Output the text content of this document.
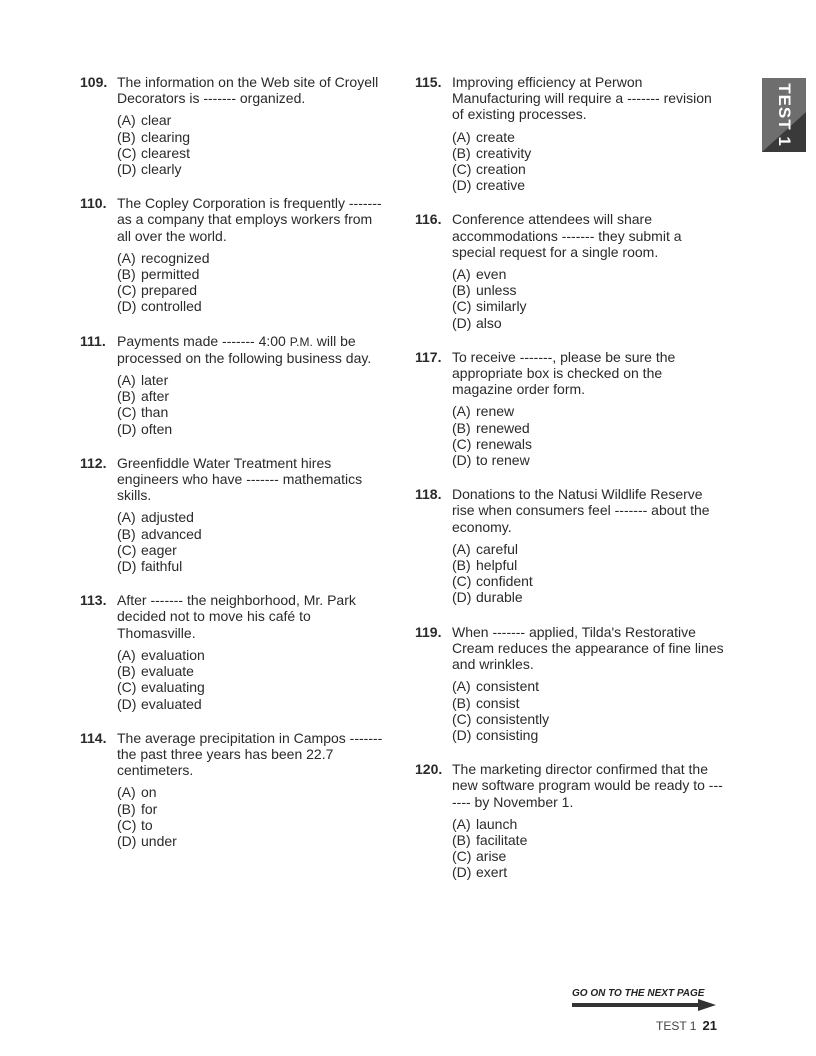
TEST 1
109. The information on the Web site of Croyell Decorators is ------- organized.

(A) clear
(B) clearing
(C) clearest
(D) clearly
110. The Copley Corporation is frequently ------- as a company that employs workers from all over the world.

(A) recognized
(B) permitted
(C) prepared
(D) controlled
111. Payments made ------- 4:00 P.M. will be processed on the following business day.

(A) later
(B) after
(C) than
(D) often
112. Greenfiddle Water Treatment hires engineers who have ------- mathematics skills.

(A) adjusted
(B) advanced
(C) eager
(D) faithful
113. After ------- the neighborhood, Mr. Park decided not to move his café to Thomasville.

(A) evaluation
(B) evaluate
(C) evaluating
(D) evaluated
114. The average precipitation in Campos ------- the past three years has been 22.7 centimeters.

(A) on
(B) for
(C) to
(D) under
115. Improving efficiency at Perwon Manufacturing will require a ------- revision of existing processes.

(A) create
(B) creativity
(C) creation
(D) creative
116. Conference attendees will share accommodations ------- they submit a special request for a single room.

(A) even
(B) unless
(C) similarly
(D) also
117. To receive -------, please be sure the appropriate box is checked on the magazine order form.

(A) renew
(B) renewed
(C) renewals
(D) to renew
118. Donations to the Natusi Wildlife Reserve rise when consumers feel ------- about the economy.

(A) careful
(B) helpful
(C) confident
(D) durable
119. When ------- applied, Tilda's Restorative Cream reduces the appearance of fine lines and wrinkles.

(A) consistent
(B) consist
(C) consistently
(D) consisting
120. The marketing director confirmed that the new software program would be ready to ------- by November 1.

(A) launch
(B) facilitate
(C) arise
(D) exert
GO ON TO THE NEXT PAGE
TEST 1 21
